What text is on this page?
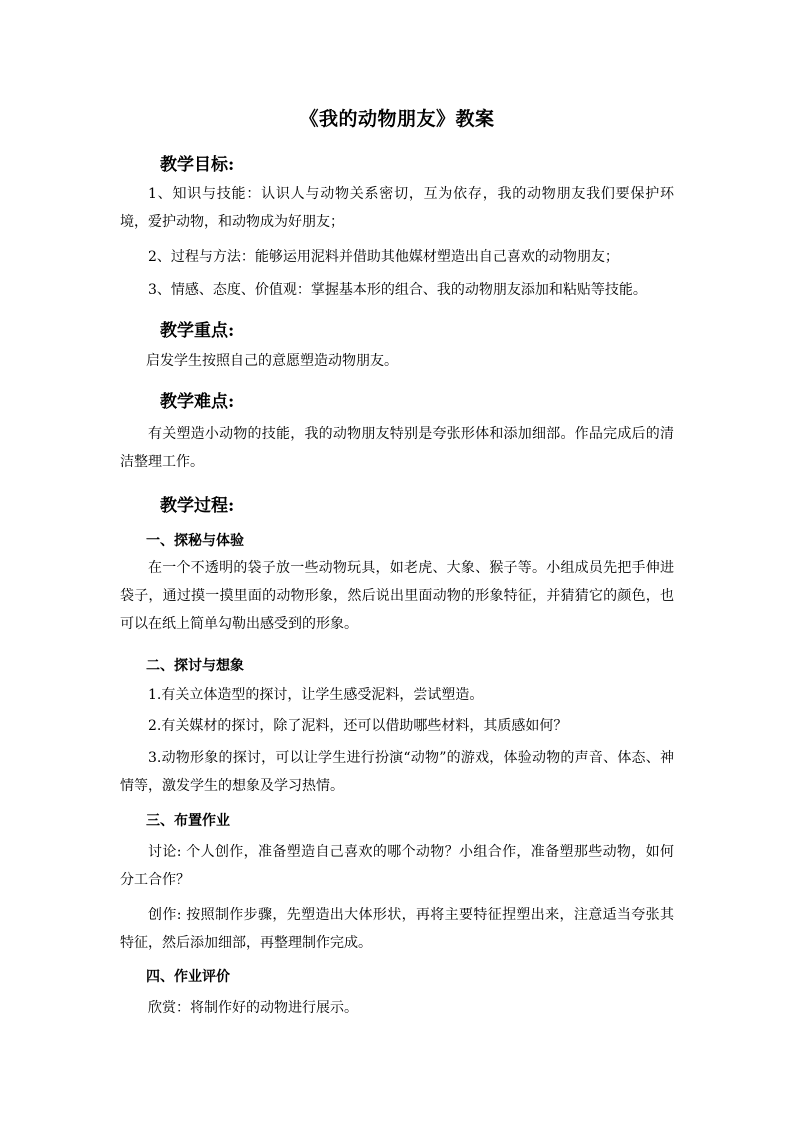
《我的动物朋友》教案
教学目标:
1、知识与技能：认识人与动物关系密切，互为依存，我的动物朋友我们要保护环境，爱护动物，和动物成为好朋友；
2、过程与方法：能够运用泥料并借助其他媒材塑造出自己喜欢的动物朋友；
3、情感、态度、价值观：掌握基本形的组合、我的动物朋友添加和粘贴等技能。
教学重点:
启发学生按照自己的意愿塑造动物朋友。
教学难点:
有关塑造小动物的技能，我的动物朋友特别是夸张形体和添加细部。作品完成后的清洁整理工作。
教学过程:
一、探秘与体验
在一个不透明的袋子放一些动物玩具，如老虎、大象、猴子等。小组成员先把手伸进袋子，通过摸一摸里面的动物形象，然后说出里面动物的形象特征，并猜猜它的颜色，也可以在纸上简单勾勒出感受到的形象。
二、探讨与想象
1.有关立体造型的探讨，让学生感受泥料，尝试塑造。
2.有关媒材的探讨，除了泥料，还可以借助哪些材料，其质感如何？
3.动物形象的探讨，可以让学生进行扮演“动物”的游戏，体验动物的声音、体态、神情等，激发学生的想象及学习热情。
三、布置作业
讨论: 个人创作，准备塑造自己喜欢的哪个动物？小组合作，准备塑那些动物，如何分工合作？
创作: 按照制作步骤，先塑造出大体形状，再将主要特征捏塑出来，注意适当夸张其特征，然后添加细部，再整理制作完成。
四、作业评价
欣赏：将制作好的动物进行展示。
